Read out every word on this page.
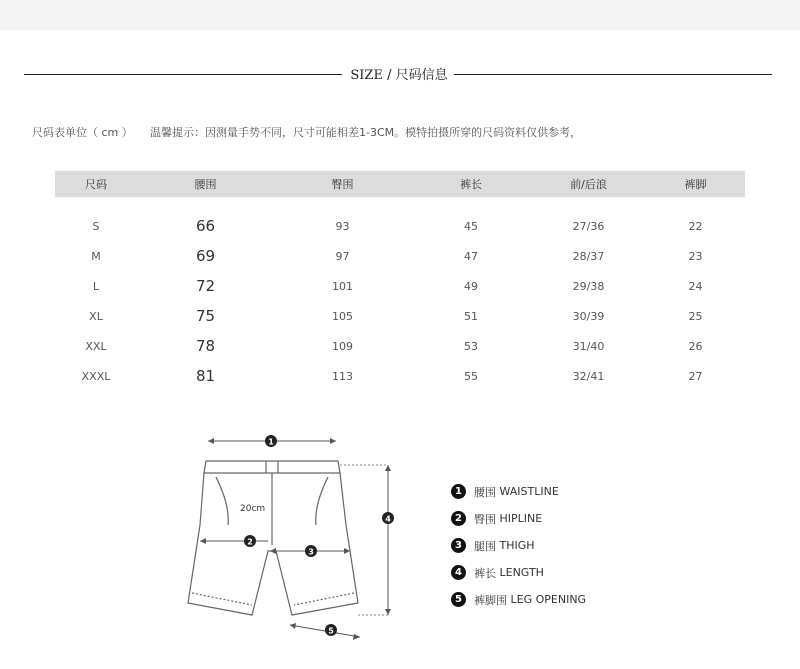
SIZE / 尺码信息
尺码表单位（ cm ） 温馨提示：因测量手势不同，尺寸可能相差1-3CM。模特拍摄所穿的尺码资料仅供参考，
尺码	腰围	臀围	裤长	前/后浪	裤脚
S	66	93	45	27/36	22
M	69	97	47	28/37	23
L	72	101	49	29/38	24
XL	75	105	51	30/39	25
XXL	78	109	53	31/40	26
XXXL	81	113	55	32/41	27
1
20cm
2
3
4
5
1	腰围
WAISTLINE
2	臀围
HIPLINE
3	腿围
THIGH
4	裤长
LENGTH
5	裤脚围
LEG OPENING
